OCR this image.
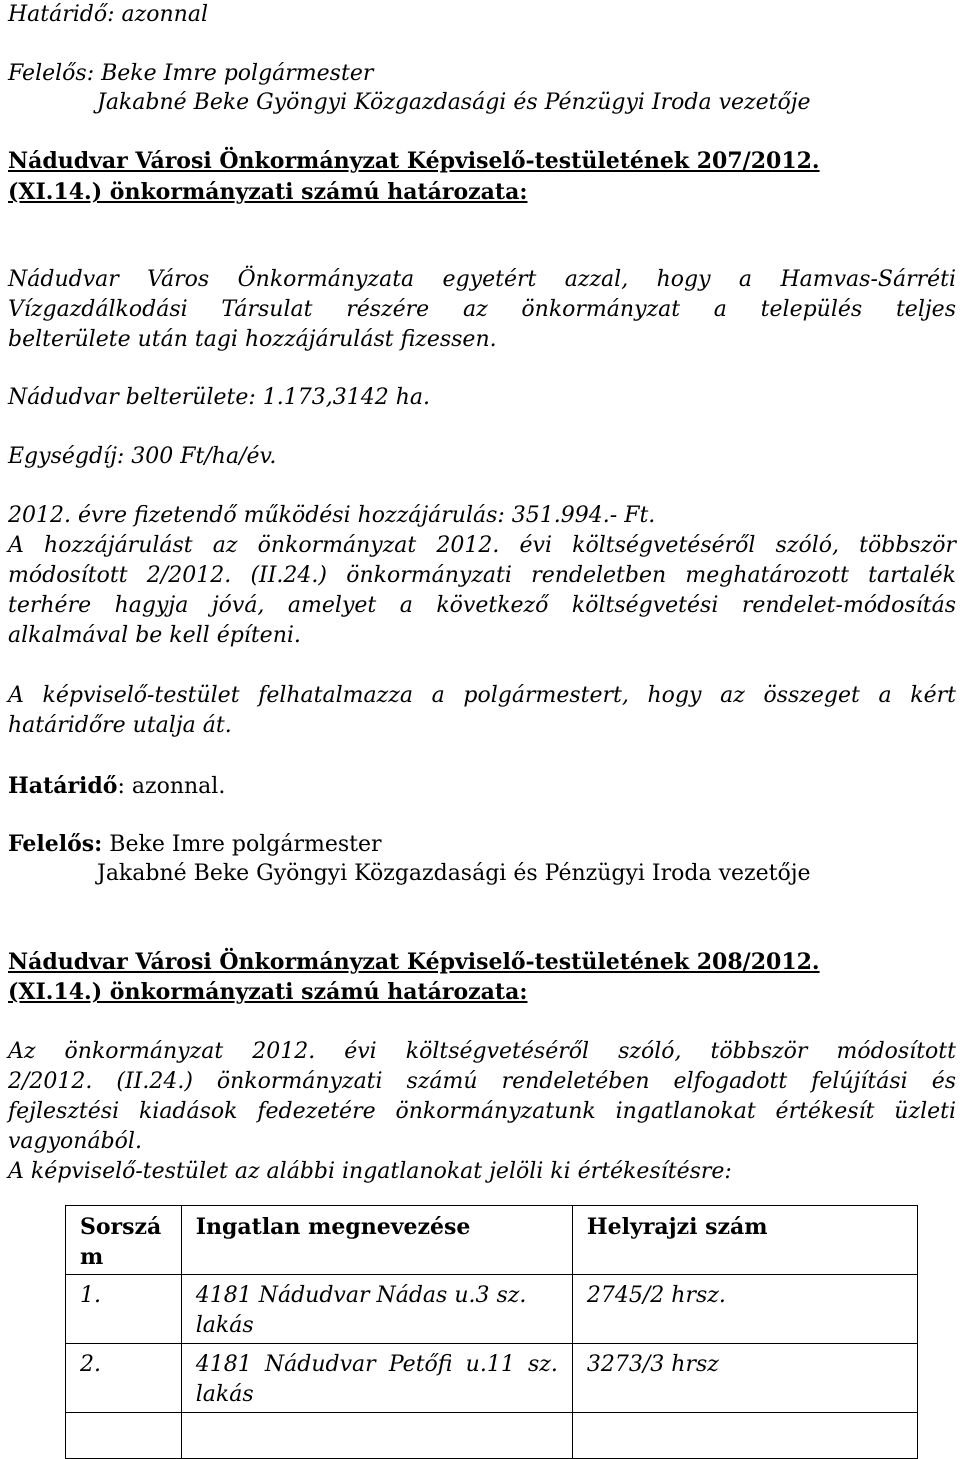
Határidő: azonnal
Felelős: Beke Imre polgármester
Jakabné Beke Gyöngyi Közgazdasági és Pénzügyi Iroda vezetője
Nádudvar Városi Önkormányzat Képviselő-testületének 207/2012.
(XI.14.) önkormányzati számú határozata:
Nádudvar Város Önkormányzata egyetért azzal, hogy a Hamvas-Sárréti
Vízgazdálkodási Társulat részére az önkormányzat a település teljes
belterülete után tagi hozzájárulást fizessen.
Nádudvar belterülete: 1.173,3142 ha.
Egységdíj: 300 Ft/ha/év.
2012. évre fizetendő működési hozzájárulás: 351.994.- Ft.
A hozzájárulást az önkormányzat 2012. évi költségvetéséről szóló, többször
módosított 2/2012. (II.24.) önkormányzati rendeletben meghatározott tartalék
terhére hagyja jóvá, amelyet a következő költségvetési rendelet-módosítás
alkalmával be kell építeni.
A képviselő-testület felhatalmazza a polgármestert, hogy az összeget a kért
határidőre utalja át.
Határidő: azonnal.
Felelős: Beke Imre polgármester
Jakabné Beke Gyöngyi Közgazdasági és Pénzügyi Iroda vezetője
Nádudvar Városi Önkormányzat Képviselő-testületének 208/2012.
(XI.14.) önkormányzati számú határozata:
Az önkormányzat 2012. évi költségvetéséről szóló, többször módosított
2/2012. (II.24.) önkormányzati számú rendeletében elfogadott felújítási és
fejlesztési kiadások fedezetére önkormányzatunk ingatlanokat értékesít üzleti
vagyonából.
A képviselő-testület az alábbi ingatlanokat jelöli ki értékesítésre:
Sorszá m	Ingatlan megnevezése	Helyrajzi szám
1.	4181 Nádudvar Nádas u.3 sz. lakás	2745/2 hrsz.
2.	4181 Nádudvar Petőfi u.11 sz. lakás	3273/3 hrsz
